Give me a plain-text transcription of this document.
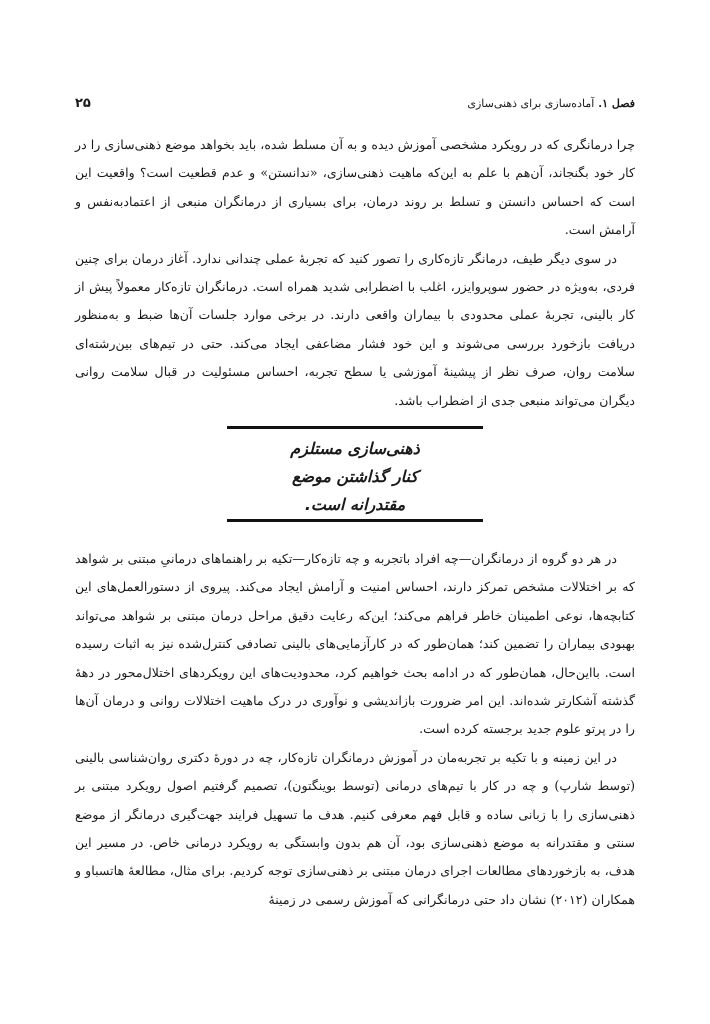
فصل ۱.
آماده‌سازی برای ذهنی‌سازی
۲۵

چرا درمانگری که در رویکرد مشخصی آموزش دیده و به آن مسلط شده، باید بخواهد موضع ذهنی‌سازی را در کار خود بگنجاند، آن‌هم با علم به این‌که ماهیت ذهنی‌سازی، «ندانستن» و عدم قطعیت است؟ واقعیت این است که احساس دانستن و تسلط بر روند درمان، برای بسیاری از درمانگران منبعی از اعتمادبه‌نفس و آرامش است.

در سوی دیگر طیف، درمانگر تازه‌کاری را تصور کنید که تجربهٔ عملی چندانی ندارد. آغاز درمان برای چنین فردی، به‌ویژه در حضور سوپروایزر، اغلب با اضطرابی شدید همراه است. درمانگران تازه‌کار معمولاً پیش از کار بالینی، تجربهٔ عملی محدودی با بیماران واقعی دارند. در برخی موارد جلسات آن‌ها ضبط و به‌منظور دریافت بازخورد بررسی می‌شوند و این خود فشار مضاعفی ایجاد می‌کند. حتی در تیم‌های بین‌رشته‌ای سلامت روان، صرف نظر از پیشینهٔ آموزشی یا سطح تجربه، احساس مسئولیت در قبال سلامت روانی دیگران می‌تواند منبعی جدی از اضطراب باشد.

ذهنی‌سازی مستلزم
کنار گذاشتن موضع
مقتدرانه است.

در هر دو گروه از درمانگران—چه افراد باتجربه و چه تازه‌کار—تکیه بر راهنماهای درمانیِ مبتنی بر شواهد که بر اختلالات مشخص تمرکز دارند، احساس امنیت و آرامش ایجاد می‌کند. پیروی از دستورالعمل‌های این کتابچه‌ها، نوعی اطمینان خاطر فراهم می‌کند؛ این‌که رعایت دقیق مراحل درمان مبتنی بر شواهد می‌تواند بهبودی بیماران را تضمین کند؛ همان‌طور که در کارآزمایی‌های بالینی تصادفی کنترل‌شده نیز به اثبات رسیده است. بااین‌حال، همان‌طور که در ادامه بحث خواهیم کرد، محدودیت‌های این رویکردهای اختلال‌محور در دههٔ گذشته آشکارتر شده‌اند. این امر ضرورت بازاندیشی و نوآوری در درک ماهیت اختلالات روانی و درمان آن‌ها را در پرتو علوم جدید برجسته کرده است.

در این زمینه و با تکیه بر تجربه‌مان در آموزش درمانگران تازه‌کار، چه در دورهٔ دکتری روان‌شناسی بالینی (توسط شارپ) و چه در کار با تیم‌های درمانی (توسط بوینگتون)، تصمیم گرفتیم اصول رویکرد مبتنی بر ذهنی‌سازی را با زبانی ساده و قابل فهم معرفی کنیم. هدف ما تسهیل فرایند جهت‌گیری درمانگر از موضع سنتی و مقتدرانه به موضع ذهنی‌سازی بود، آن هم بدون وابستگی به رویکرد درمانی خاص. در مسیر این هدف، به بازخوردهای مطالعات اجرای درمان مبتنی بر ذهنی‌سازی توجه کردیم. برای مثال، مطالعهٔ هاتسباو و همکاران (۲۰۱۲) نشان داد حتی درمانگرانی که آموزش رسمی در زمینهٔ
